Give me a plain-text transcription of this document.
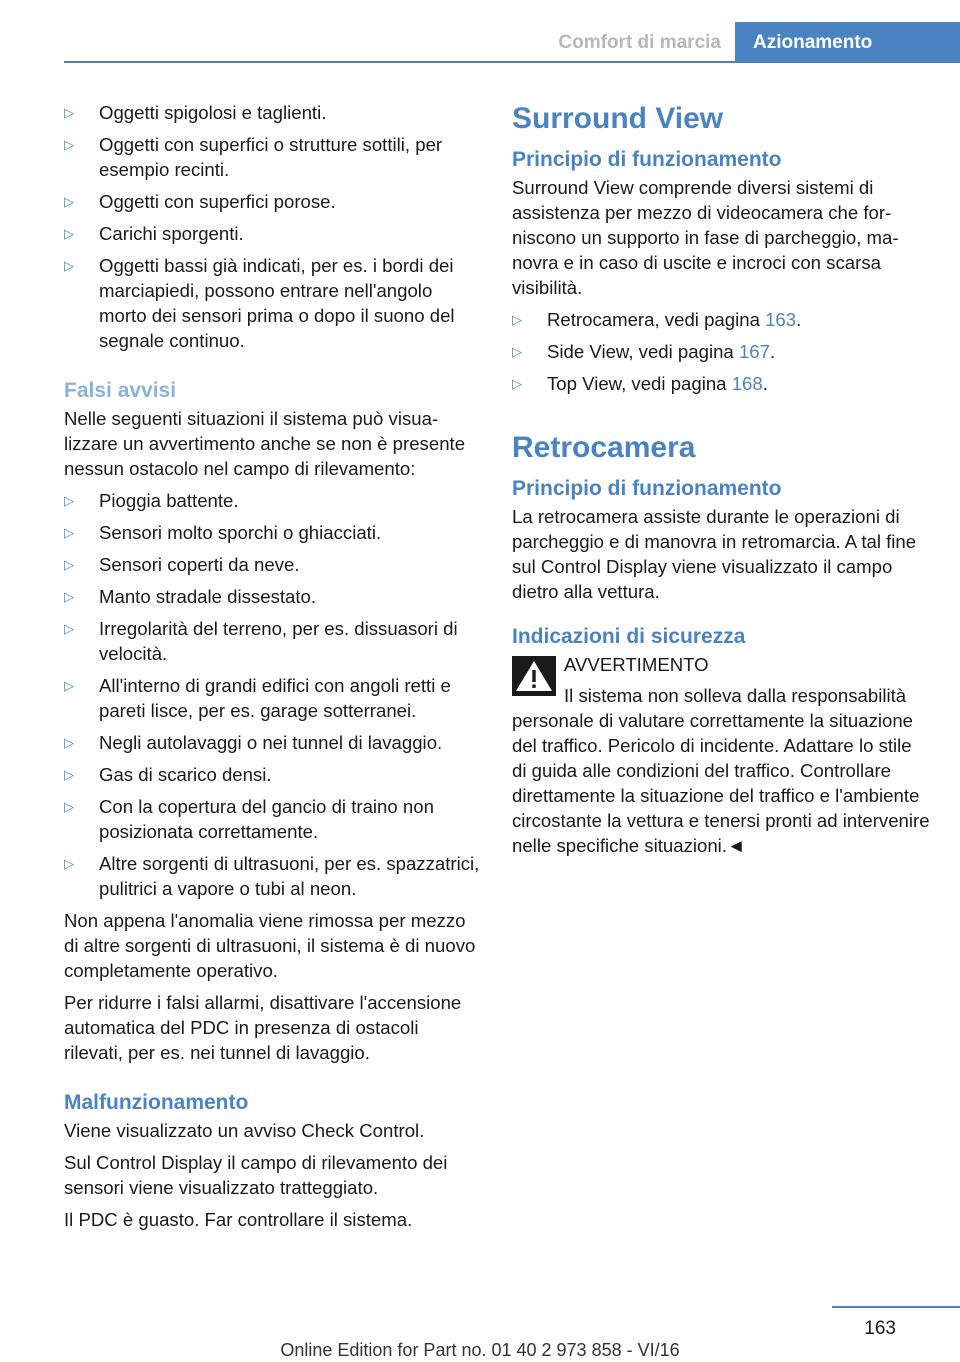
Comfort di marcia	Azionamento
▷ Oggetti spigolosi e taglienti.
▷ Oggetti con superfici o strutture sottili, per esempio recinti.
▷ Oggetti con superfici porose.
▷ Carichi sporgenti.
▷ Oggetti bassi già indicati, per es. i bordi dei marciapiedi, possono entrare nell'angolo morto dei sensori prima o dopo il suono del segnale continuo.
Falsi avvisi

Nelle seguenti situazioni il sistema può visualizzare un avvertimento anche se non è presente nessun ostacolo nel campo di rilevamento:

▷ Pioggia battente.
▷ Sensori molto sporchi o ghiacciati.
▷ Sensori coperti da neve.
▷ Manto stradale dissestato.
▷ Irregolarità del terreno, per es. dissuasori di velocità.
▷ All'interno di grandi edifici con angoli retti e pareti lisce, per es. garage sotterranei.
▷ Negli autolavaggi o nei tunnel di lavaggio.
▷ Gas di scarico densi.
▷ Con la copertura del gancio di traino non posizionata correttamente.
▷ Altre sorgenti di ultrasuoni, per es. spazzatrici, pulitrici a vapore o tubi al neon.

Non appena l'anomalia viene rimossa per mezzo di altre sorgenti di ultrasuoni, il sistema è di nuovo completamente operativo.

Per ridurre i falsi allarmi, disattivare l'accensione automatica del PDC in presenza di ostacoli rilevati, per es. nei tunnel di lavaggio.

Malfunzionamento

Viene visualizzato un avviso Check Control.

Sul Control Display il campo di rilevamento dei sensori viene visualizzato tratteggiato.

Il PDC è guasto. Far controllare il sistema.

Surround View
Principio di funzionamento

Surround View comprende diversi sistemi di assistenza per mezzo di videocamera che forniscono un supporto in fase di parcheggio, manovra e in caso di uscite e incroci con scarsa visibilità.

▷ Retrocamera, vedi pagina 163.
▷ Side View, vedi pagina 167.
▷ Top View, vedi pagina 168.
Retrocamera
Principio di funzionamento

La retrocamera assiste durante le operazioni di parcheggio e di manovra in retromarcia. A tal fine sul Control Display viene visualizzato il campo dietro alla vettura.

Indicazioni di sicurezza
AVVERTIMENTO
Il sistema non solleva dalla responsabilità

personale di valutare correttamente la situazione del traffico. Pericolo di incidente. Adattare lo stile di guida alle condizioni del traffico. Controllare direttamente la situazione del traffico e l'ambiente circostante la vettura e tenersi pronti ad intervenire nelle specifiche situazioni.◄

163
Online Edition for Part no. 01 40 2 973 858 - VI/16
